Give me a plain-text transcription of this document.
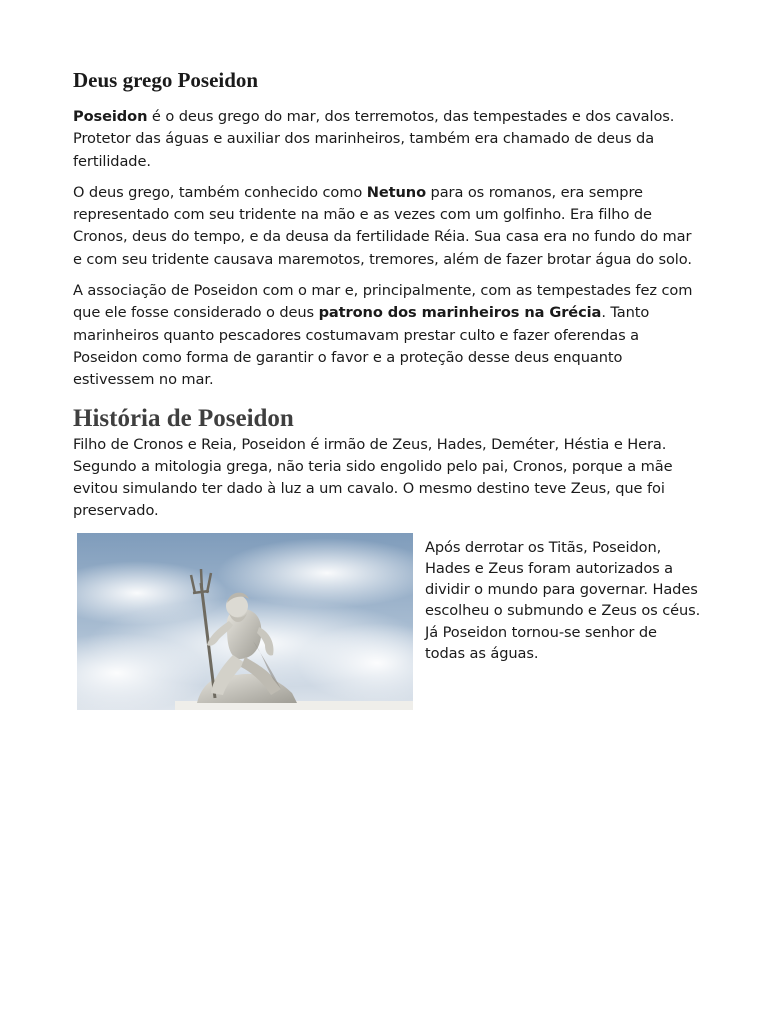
Deus grego Poseidon

Poseidon é o deus grego do mar, dos terremotos, das tempestades e dos cavalos. Protetor das águas e auxiliar dos marinheiros, também era chamado de deus da fertilidade.

O deus grego, também conhecido como Netuno para os romanos, era sempre representado com seu tridente na mão e as vezes com um golfinho. Era filho de Cronos, deus do tempo, e da deusa da fertilidade Réia. Sua casa era no fundo do mar e com seu tridente causava maremotos, tremores, além de fazer brotar água do solo.

A associação de Poseidon com o mar e, principalmente, com as tempestades fez com que ele fosse considerado o deus patrono dos marinheiros na Grécia. Tanto marinheiros quanto pescadores costumavam prestar culto e fazer oferendas a Poseidon como forma de garantir o favor e a proteção desse deus enquanto estivessem no mar.

História de Poseidon

Filho de Cronos e Reia, Poseidon é irmão de Zeus, Hades, Deméter, Héstia e Hera. Segundo a mitologia grega, não teria sido engolido pelo pai, Cronos, porque a mãe evitou simulando ter dado à luz a um cavalo. O mesmo destino teve Zeus, que foi preservado.

Após derrotar os Titãs, Poseidon, Hades e Zeus foram autorizados a dividir o mundo para governar. Hades escolheu o submundo e Zeus os céus. Já Poseidon tornou-se senhor de todas as águas.
